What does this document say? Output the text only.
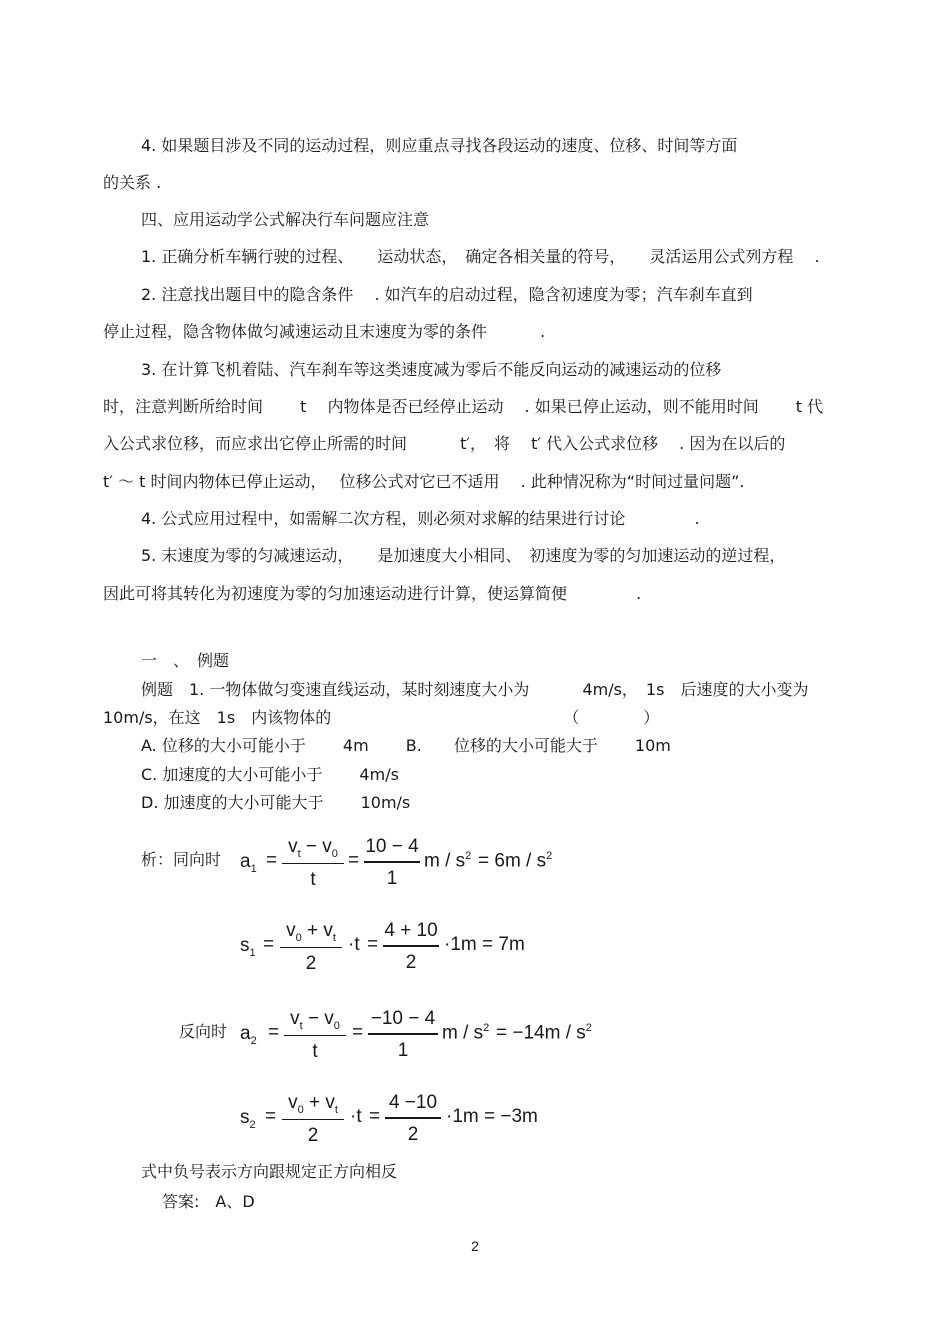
4. 如果题目涉及不同的运动过程，则应重点寻找各段运动的速度、位移、时间等方面
的关系 .
四、应用运动学公式解决行车问题应注意
1. 正确分析车辆行驶的过程、　　运动状态，　确定各相关量的符号，　　灵活运用公式列方程　 .
2. 注意找出题目中的隐含条件　 . 如汽车的启动过程，隐含初速度为零；汽车刹车直到
停止过程，隐含物体做匀减速运动且末速度为零的条件　　　 .
3. 在计算飞机着陆、汽车刹车等这类速度减为零后不能反向运动的减速运动的位移
时，注意判断所给时间　　 t 　内物体是否已经停止运动　 . 如果已停止运动，则不能用时间　　 t 代
入公式求位移，而应求出它停止所需的时间　　　 t′，　将　 t′ 代入公式求位移　 . 因为在以后的
t′ ～ t 时间内物体已停止运动，　 位移公式对它已不适用　 . 此种情况称为“时间过量问题”.
4. 公式应用过程中，如需解二次方程，则必须对求解的结果进行讨论　　　　 .
5. 末速度为零的匀减速运动，　　是加速度大小相同、　初速度为零的匀加速运动的逆过程，
因此可将其转化为初速度为零的匀加速运动进行计算，使运算简便　　　　 .
一　、　例题
例题　1. 一物体做匀变速直线运动，某时刻速度大小为　　　 4m/s，　1s　后速度的大小变为
10m/s，在这　1s　内该物体的　　　　　　　　　　　　　　　（　　　　）
A. 位移的大小可能小于　　 4m　　 B.　　位移的大小可能大于　　 10m
C. 加速度的大小可能小于　　 4m/s
D. 加速度的大小可能大于　　 10m/s
析：同向时
反向时
式中负号表示方向跟规定正方向相反
答案:　A、D
$a_1$ =
$v_t - v_0$
t
=
10 − 4
1
$m / s^2 = 6m / s^2$
$s_1$ =
$v_0 + v_t$
2
·t =
4 + 10
2
·1m = 7m
$a_2$ =
$v_t - v_0$
t
=
−10 − 4
1
$m / s^2 = -14m / s^2$
$s_2$ =
$v_0 + v_t$
2
·t =
4 −10
2
·1m = −3m
2
